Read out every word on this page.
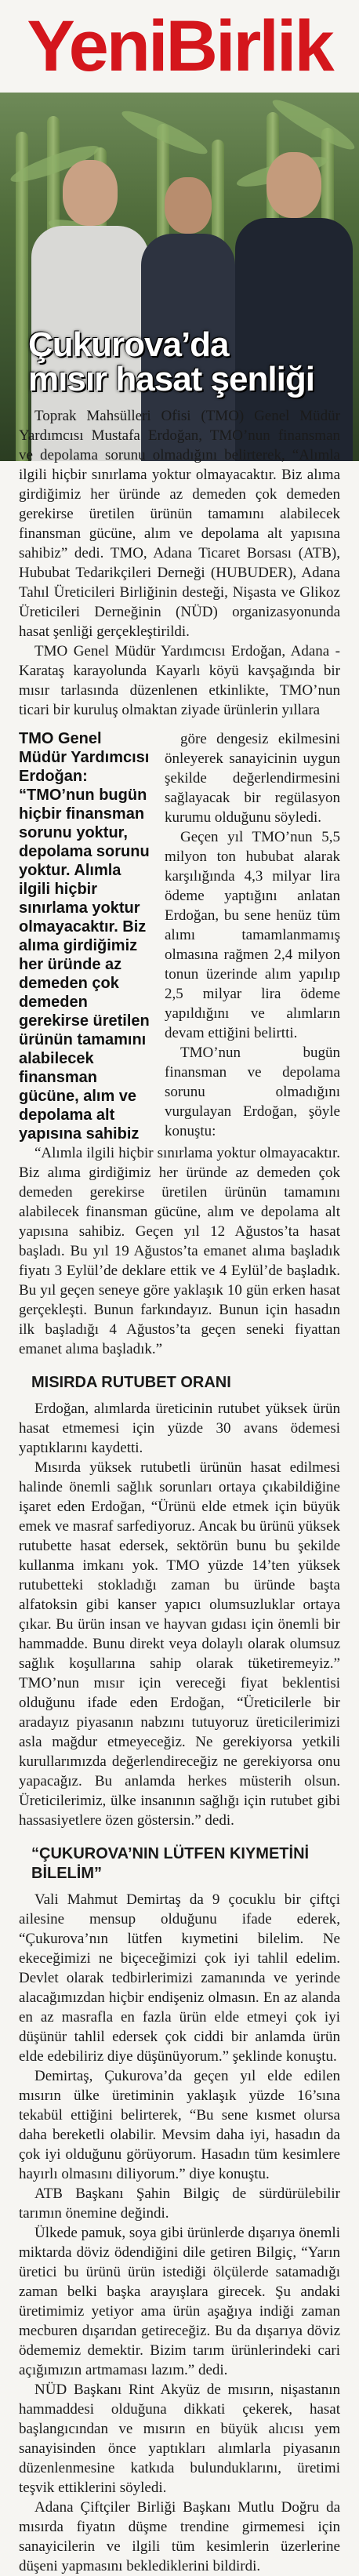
YeniBirlik
Çukurova’da
mısır hasat şenliği

Toprak Mahsülleri Ofisi (TMO) Genel Müdür Yardımcısı Mustafa Erdoğan, TMO’nun finansman ve depolama sorunu olmadığını belirterek, “Alımla ilgili hiçbir sınırlama yoktur olmayacaktır. Biz alıma girdiğimiz her üründe az demeden çok demeden gerekirse üretilen ürünün tamamını alabilecek finansman gücüne, alım ve depolama alt yapısına sahibiz” dedi. TMO, Adana Ticaret Borsası (ATB), Hububat Tedarikçileri Derneği (HUBUDER), Adana Tahıl Üreticileri Birliğinin desteği, Nişasta ve Glikoz Üreticileri Derneğinin (NÜD) organizasyonunda hasat şenliği gerçekleştirildi.

TMO Genel Müdür Yardımcısı Erdoğan, Adana - Karataş karayolunda Kayarlı köyü kavşağında bir mısır tarlasında düzenlenen etkinlikte, TMO’nun ticari bir kuruluş olmaktan ziyade ürünlerin yıllara

TMO Genel Müdür Yardımcısı Erdoğan: “TMO’nun bugün hiçbir finansman sorunu yoktur, depolama sorunu yoktur. Alımla ilgili hiçbir sınırlama yoktur olmayacaktır. Biz alıma girdiğimiz her üründe az demeden çok demeden gerekirse üretilen ürünün tamamını alabilecek finansman gücüne, alım ve depolama alt yapısına sahibiz

göre dengesiz ekilmesini önleyerek sanayicinin uygun şekilde değerlendirmesini sağlayacak bir regülasyon kurumu olduğunu söyledi.

Geçen yıl TMO’nun 5,5 milyon ton hububat alarak karşılığında 4,3 milyar lira ödeme yaptığını anlatan Erdoğan, bu sene henüz tüm alımı tamamlanmamış olmasına rağmen 2,4 milyon tonun üzerinde alım yapılıp 2,5 milyar lira ödeme yapıldığını ve alımların devam ettiğini belirtti.

TMO’nun bugün finansman ve depolama sorunu olmadığını vurgulayan Erdoğan, şöyle konuştu:

“Alımla ilgili hiçbir sınırlama yoktur olmayacaktır. Biz alıma girdiğimiz her üründe az demeden çok demeden gerekirse üretilen ürünün tamamını alabilecek finansman gücüne, alım ve depolama alt yapısına sahibiz. Geçen yıl 12 Ağustos’ta hasat başladı. Bu yıl 19 Ağustos’ta emanet alıma başladık fiyatı 3 Eylül’de deklare ettik ve 4 Eylül’de başladık. Bu yıl geçen seneye göre yaklaşık 10 gün erken hasat gerçekleşti. Bunun farkındayız. Bunun için hasadın ilk başladığı 4 Ağustos’ta geçen seneki fiyattan emanet alıma başladık.”

MISIRDA RUTUBET ORANI

Erdoğan, alımlarda üreticinin rutubet yüksek ürün hasat etmemesi için yüzde 30 avans ödemesi yaptıklarını kaydetti.

Mısırda yüksek rutubetli ürünün hasat edilmesi halinde önemli sağlık sorunları ortaya çıkabildiğine işaret eden Erdoğan, “Ürünü elde etmek için büyük emek ve masraf sarfediyoruz. Ancak bu ürünü yüksek rutubette hasat edersek, sektörün bunu bu şekilde kullanma imkanı yok. TMO yüzde 14’ten yüksek rutubetteki stokladığı zaman bu üründe başta alfatoksin gibi kanser yapıcı olumsuzluklar ortaya çıkar. Bu ürün insan ve hayvan gıdası için önemli bir hammadde. Bunu direkt veya dolaylı olarak olumsuz sağlık koşullarına sahip olarak tüketiremeyiz.” TMO’nun mısır için vereceği fiyat beklentisi olduğunu ifade eden Erdoğan, “Üreticilerle bir aradayız piyasanın nabzını tutuyoruz üreticilerimizi asla mağdur etmeyeceğiz. Ne gerekiyorsa yetkili kurullarımızda değerlendireceğiz ne gerekiyorsa onu yapacağız. Bu anlamda herkes müsterih olsun. Üreticilerimiz, ülke insanının sağlığı için rutubet gibi hassasiyetlere özen göstersin.” dedi.

“ÇUKUROVA’NIN LÜTFEN KIYMETİNİ BİLELİM”

Vali Mahmut Demirtaş da 9 çocuklu bir çiftçi ailesine mensup olduğunu ifade ederek, “Çukurova’nın lütfen kıymetini bilelim. Ne ekeceğimizi ne biçeceğimizi çok iyi tahlil edelim. Devlet olarak tedbirlerimizi zamanında ve yerinde alacağımızdan hiçbir endişeniz olmasın. En az alanda en az masrafla en fazla ürün elde etmeyi çok iyi düşünür tahlil edersek çok ciddi bir anlamda ürün elde edebiliriz diye düşünüyorum.” şeklinde konuştu.

Demirtaş, Çukurova’da geçen yıl elde edilen mısırın ülke üretiminin yaklaşık yüzde 16’sına tekabül ettiğini belirterek, “Bu sene kısmet olursa daha bereketli olabilir. Mevsim daha iyi, hasadın da çok iyi olduğunu görüyorum. Hasadın tüm kesimlere hayırlı olmasını diliyorum.” diye konuştu.

ATB Başkanı Şahin Bilgiç de sürdürülebilir tarımın önemine değindi.

Ülkede pamuk, soya gibi ürünlerde dışarıya önemli miktarda döviz ödendiğini dile getiren Bilgiç, “Yarın üretici bu ürünü ürün istediği ölçülerde satamadığı zaman belki başka arayışlara girecek. Şu andaki üretimimiz yetiyor ama ürün aşağıya indiği zaman mecburen dışarıdan getireceğiz. Bu da dışarıya döviz ödememiz demektir. Bizim tarım ürünlerindeki cari açığımızın artmaması lazım.” dedi.

NÜD Başkanı Rint Akyüz de mısırın, nişastanın hammaddesi olduğuna dikkati çekerek, hasat başlangıcından ve mısırın en büyük alıcısı yem sanayisinden önce yaptıkları alımlarla piyasanın düzenlenmesine katkıda bulunduklarını, üretimi teşvik ettiklerini söyledi.

Adana Çiftçiler Birliği Başkanı Mutlu Doğru da mısırda fiyatın düşme trendine girmemesi için sanayicilerin ve ilgili tüm kesimlerin üzerlerine düşeni yapmasını beklediklerini bildirdi.
